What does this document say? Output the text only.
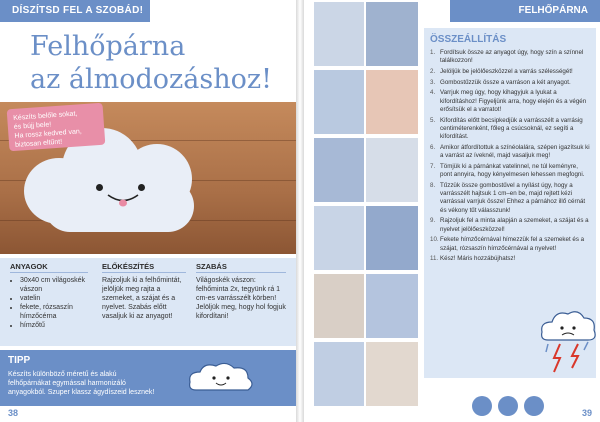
DÍSZÍTSD FEL A SZOBÁD!
Felhőpárna
az álmodozáshoz!
Készíts belőle sokat,
és bújj bele!
Ha rossz kedved van,
biztosan eltűnt!
ANYAGOK
• 30x40 cm világoskék vászon
• vatelin
• fekete, rózsaszín hímzőcérna
• hímzőtű
ELŐKÉSZÍTÉS

Rajzoljuk ki a felhőmintát, jelöljük meg rajta a szemeket, a szájat és a nyelvet. Szabás előtt vasaljuk ki az anyagot!

SZABÁS

Világoskék vászon: felhőminta 2x, tegyünk rá 1 cm-es varrásszélt körben! Jelöljük meg, hogy hol fogjuk kifordítani!

TIPP
Készíts különböző méretű és alakú felhőpárnákat egymással harmonizáló anyagokból. Szuper klassz ágydíszeid lesznek!
38
FELHŐPÁRNA
ÖSSZEÁLLÍTÁS
1. Fordítsuk össze az anyagot úgy, hogy szín a színnel találkozzon!
2. Jelöljük be jelölőeszközzel a varrás szélességét!
3. Gombostűzzük össze a varráson a két anyagot.
4. Varrjuk meg úgy, hogy kihagyjuk a lyukat a kifordításhoz! Figyeljünk arra, hogy elején és a végén erősítsük el a varratot!
5. Kifordítás előtt becsipkedjük a varrásszélt a varrásig centiméterenként, főleg a csúcsoknál, ez segíti a kifordítást.
6. Amikor átfordítottuk a színéolalára, szépen igazítsuk ki a varrást az íveknél, majd vasaljuk meg!
7. Tömjük ki a párnánkat vatelinnel, ne túl keményre, pont annyira, hogy kényelmesen lehessen megfogni.
8. Tűzzük össze gombostűvel a nyílást úgy, hogy a varrásszélt hajtsuk 1 cm–en be, majd rejtett kézi varrással varrjuk össze! Ehhez a párnához illő cérnát és vékony tűt válasszunk!
9. Rajzoljuk fel a minta alapján a szemeket, a szájat és a nyelvet jelölőeszközzel!
10. Fekete hímzőcérnával hímezzük fel a szemeket és a szájat, rózsaszín hímzőcérnával a nyelvet!
11. Kész! Máris hozzábújhatsz!
39
